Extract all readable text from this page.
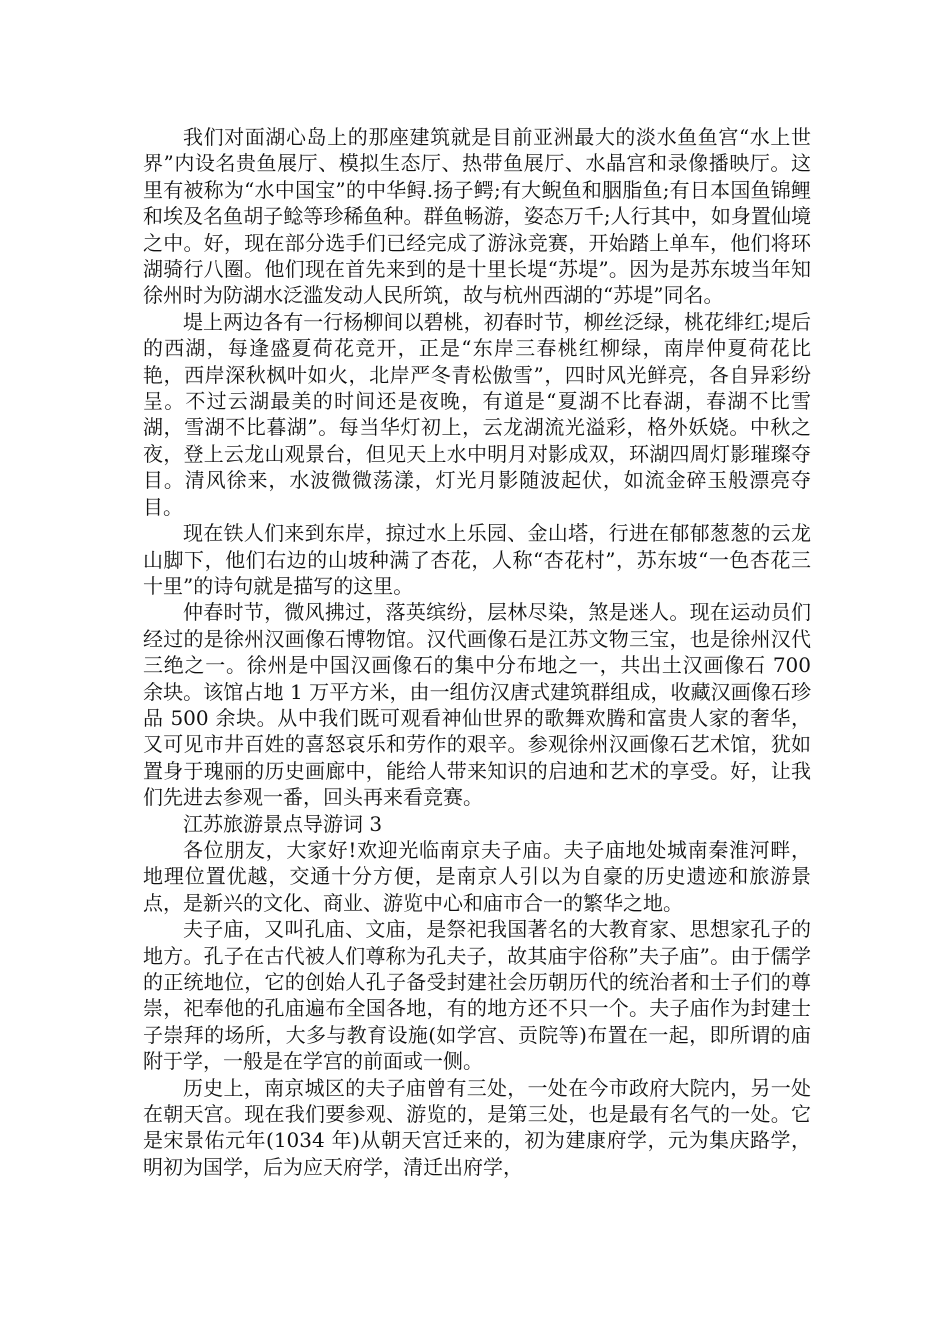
我们对面湖心岛上的那座建筑就是目前亚洲最大的淡水鱼鱼宫“水上世界”内设名贵鱼展厅、模拟生态厅、热带鱼展厅、水晶宫和录像播映厅。这里有被称为“水中国宝”的中华鲟.扬子鳄;有大鲵鱼和胭脂鱼;有日本国鱼锦鲤和埃及名鱼胡子鲶等珍稀鱼种。群鱼畅游，姿态万千;人行其中，如身置仙境之中。好，现在部分选手们已经完成了游泳竞赛，开始踏上单车，他们将环湖骑行八圈。他们现在首先来到的是十里长堤“苏堤”。因为是苏东坡当年知徐州时为防湖水泛滥发动人民所筑，故与杭州西湖的“苏堤”同名。

堤上两边各有一行杨柳间以碧桃，初春时节，柳丝泛绿，桃花绯红;堤后的西湖，每逢盛夏荷花竞开，正是“东岸三春桃红柳绿，南岸仲夏荷花比艳，西岸深秋枫叶如火，北岸严冬青松傲雪”，四时风光鲜亮，各自异彩纷呈。不过云湖最美的时间还是夜晚，有道是“夏湖不比春湖，春湖不比雪湖，雪湖不比暮湖”。每当华灯初上，云龙湖流光溢彩，格外妖娆。中秋之夜，登上云龙山观景台，但见天上水中明月对影成双，环湖四周灯影璀璨夺目。清风徐来，水波微微荡漾，灯光月影随波起伏，如流金碎玉般漂亮夺目。

现在铁人们来到东岸，掠过水上乐园、金山塔，行进在郁郁葱葱的云龙山脚下，他们右边的山坡种满了杏花，人称“杏花村”，苏东坡“一色杏花三十里”的诗句就是描写的这里。

仲春时节，微风拂过，落英缤纷，层林尽染，煞是迷人。现在运动员们经过的是徐州汉画像石博物馆。汉代画像石是江苏文物三宝，也是徐州汉代三绝之一。徐州是中国汉画像石的集中分布地之一，共出土汉画像石 700 余块。该馆占地 1 万平方米，由一组仿汉唐式建筑群组成，收藏汉画像石珍品 500 余块。从中我们既可观看神仙世界的歌舞欢腾和富贵人家的奢华，又可见市井百姓的喜怒哀乐和劳作的艰辛。参观徐州汉画像石艺术馆，犹如置身于瑰丽的历史画廊中，能给人带来知识的启迪和艺术的享受。好，让我们先进去参观一番，回头再来看竞赛。

江苏旅游景点导游词 3

各位朋友，大家好!欢迎光临南京夫子庙。夫子庙地处城南秦淮河畔，地理位置优越，交通十分方便，是南京人引以为自豪的历史遗迹和旅游景点，是新兴的文化、商业、游览中心和庙市合一的繁华之地。

夫子庙，又叫孔庙、文庙，是祭祀我国著名的大教育家、思想家孔子的地方。孔子在古代被人们尊称为孔夫子，故其庙宇俗称”夫子庙”。由于儒学的正统地位，它的创始人孔子备受封建社会历朝历代的统治者和士子们的尊崇，祀奉他的孔庙遍布全国各地，有的地方还不只一个。夫子庙作为封建士子崇拜的场所，大多与教育设施(如学宫、贡院等)布置在一起，即所谓的庙附于学，一般是在学宫的前面或一侧。

历史上，南京城区的夫子庙曾有三处，一处在今市政府大院内，另一处在朝天宫。现在我们要参观、游览的，是第三处，也是最有名气的一处。它是宋景佑元年(1034 年)从朝天宫迁来的，初为建康府学，元为集庆路学，明初为国学，后为应天府学，清迁出府学，
